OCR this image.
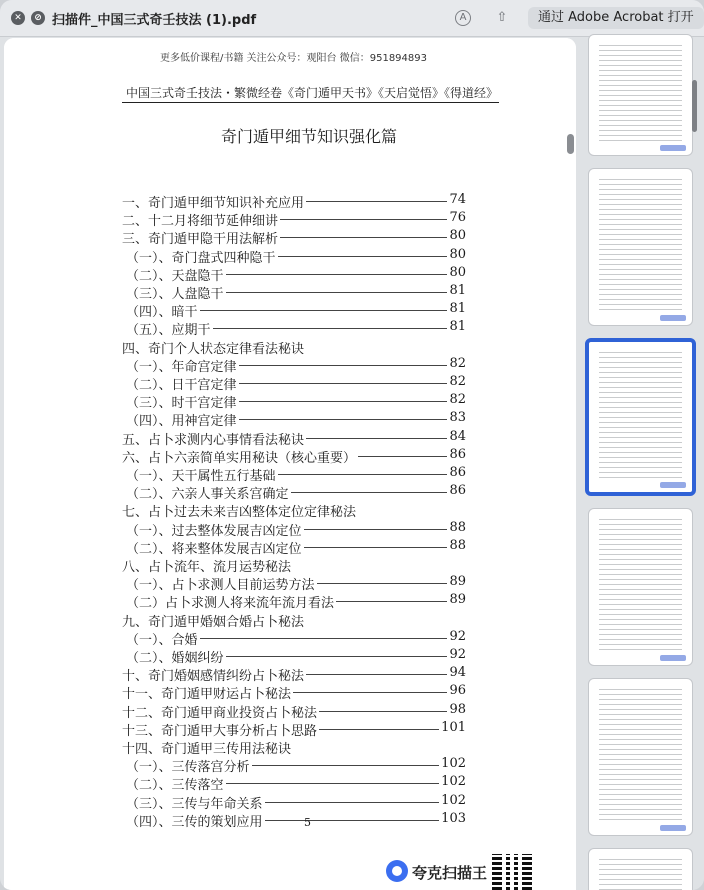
✕	⊘ 扫描件_中国三式奇壬技法 (1).pdf	A	⇧	通过 Adobe Acrobat 打开
更多低价课程/书籍 关注公众号：观阳台 微信：951894893
中国三式奇壬技法・繁微经卷《奇门遁甲天书》《天启觉悟》《得道经》
奇门遁甲细节知识强化篇
一、奇门遁甲细节知识补充应用	74
二、十二月将细节延伸细讲	76
三、奇门遁甲隐干用法解析	80
（一）、奇门盘式四种隐干	80
（二）、天盘隐干	80
（三）、人盘隐干	81
（四）、暗干	81
（五）、应期干	81
四、奇门个人状态定律看法秘诀
（一）、年命宫定律	82
（二）、日干宫定律	82
（三）、时干宫定律	82
（四）、用神宫定律	83
五、占卜求测内心事情看法秘诀	84
六、占卜六亲简单实用秘诀（核心重要）	86
（一）、天干属性五行基础	86
（二）、六亲人事关系宫确定	86
七、占卜过去未来吉凶整体定位定律秘法
（一）、过去整体发展吉凶定位	88
（二）、将来整体发展吉凶定位	88
八、占卜流年、流月运势秘法
（一）、占卜求测人目前运势方法	89
（二）占卜求测人将来流年流月看法	89
九、奇门遁甲婚姻合婚占卜秘法
（一）、合婚	92
（二）、婚姻纠纷	92
十、奇门婚姻感情纠纷占卜秘法	94
十一、奇门遁甲财运占卜秘法	96
十二、奇门遁甲商业投资占卜秘法	98
十三、奇门遁甲大事分析占卜思路	101
十四、奇门遁甲三传用法秘诀
（一）、三传落宫分析	102
（二）、三传落空	102
（三）、三传与年命关系	102
（四）、三传的策划应用	103
5
夸克扫描王
